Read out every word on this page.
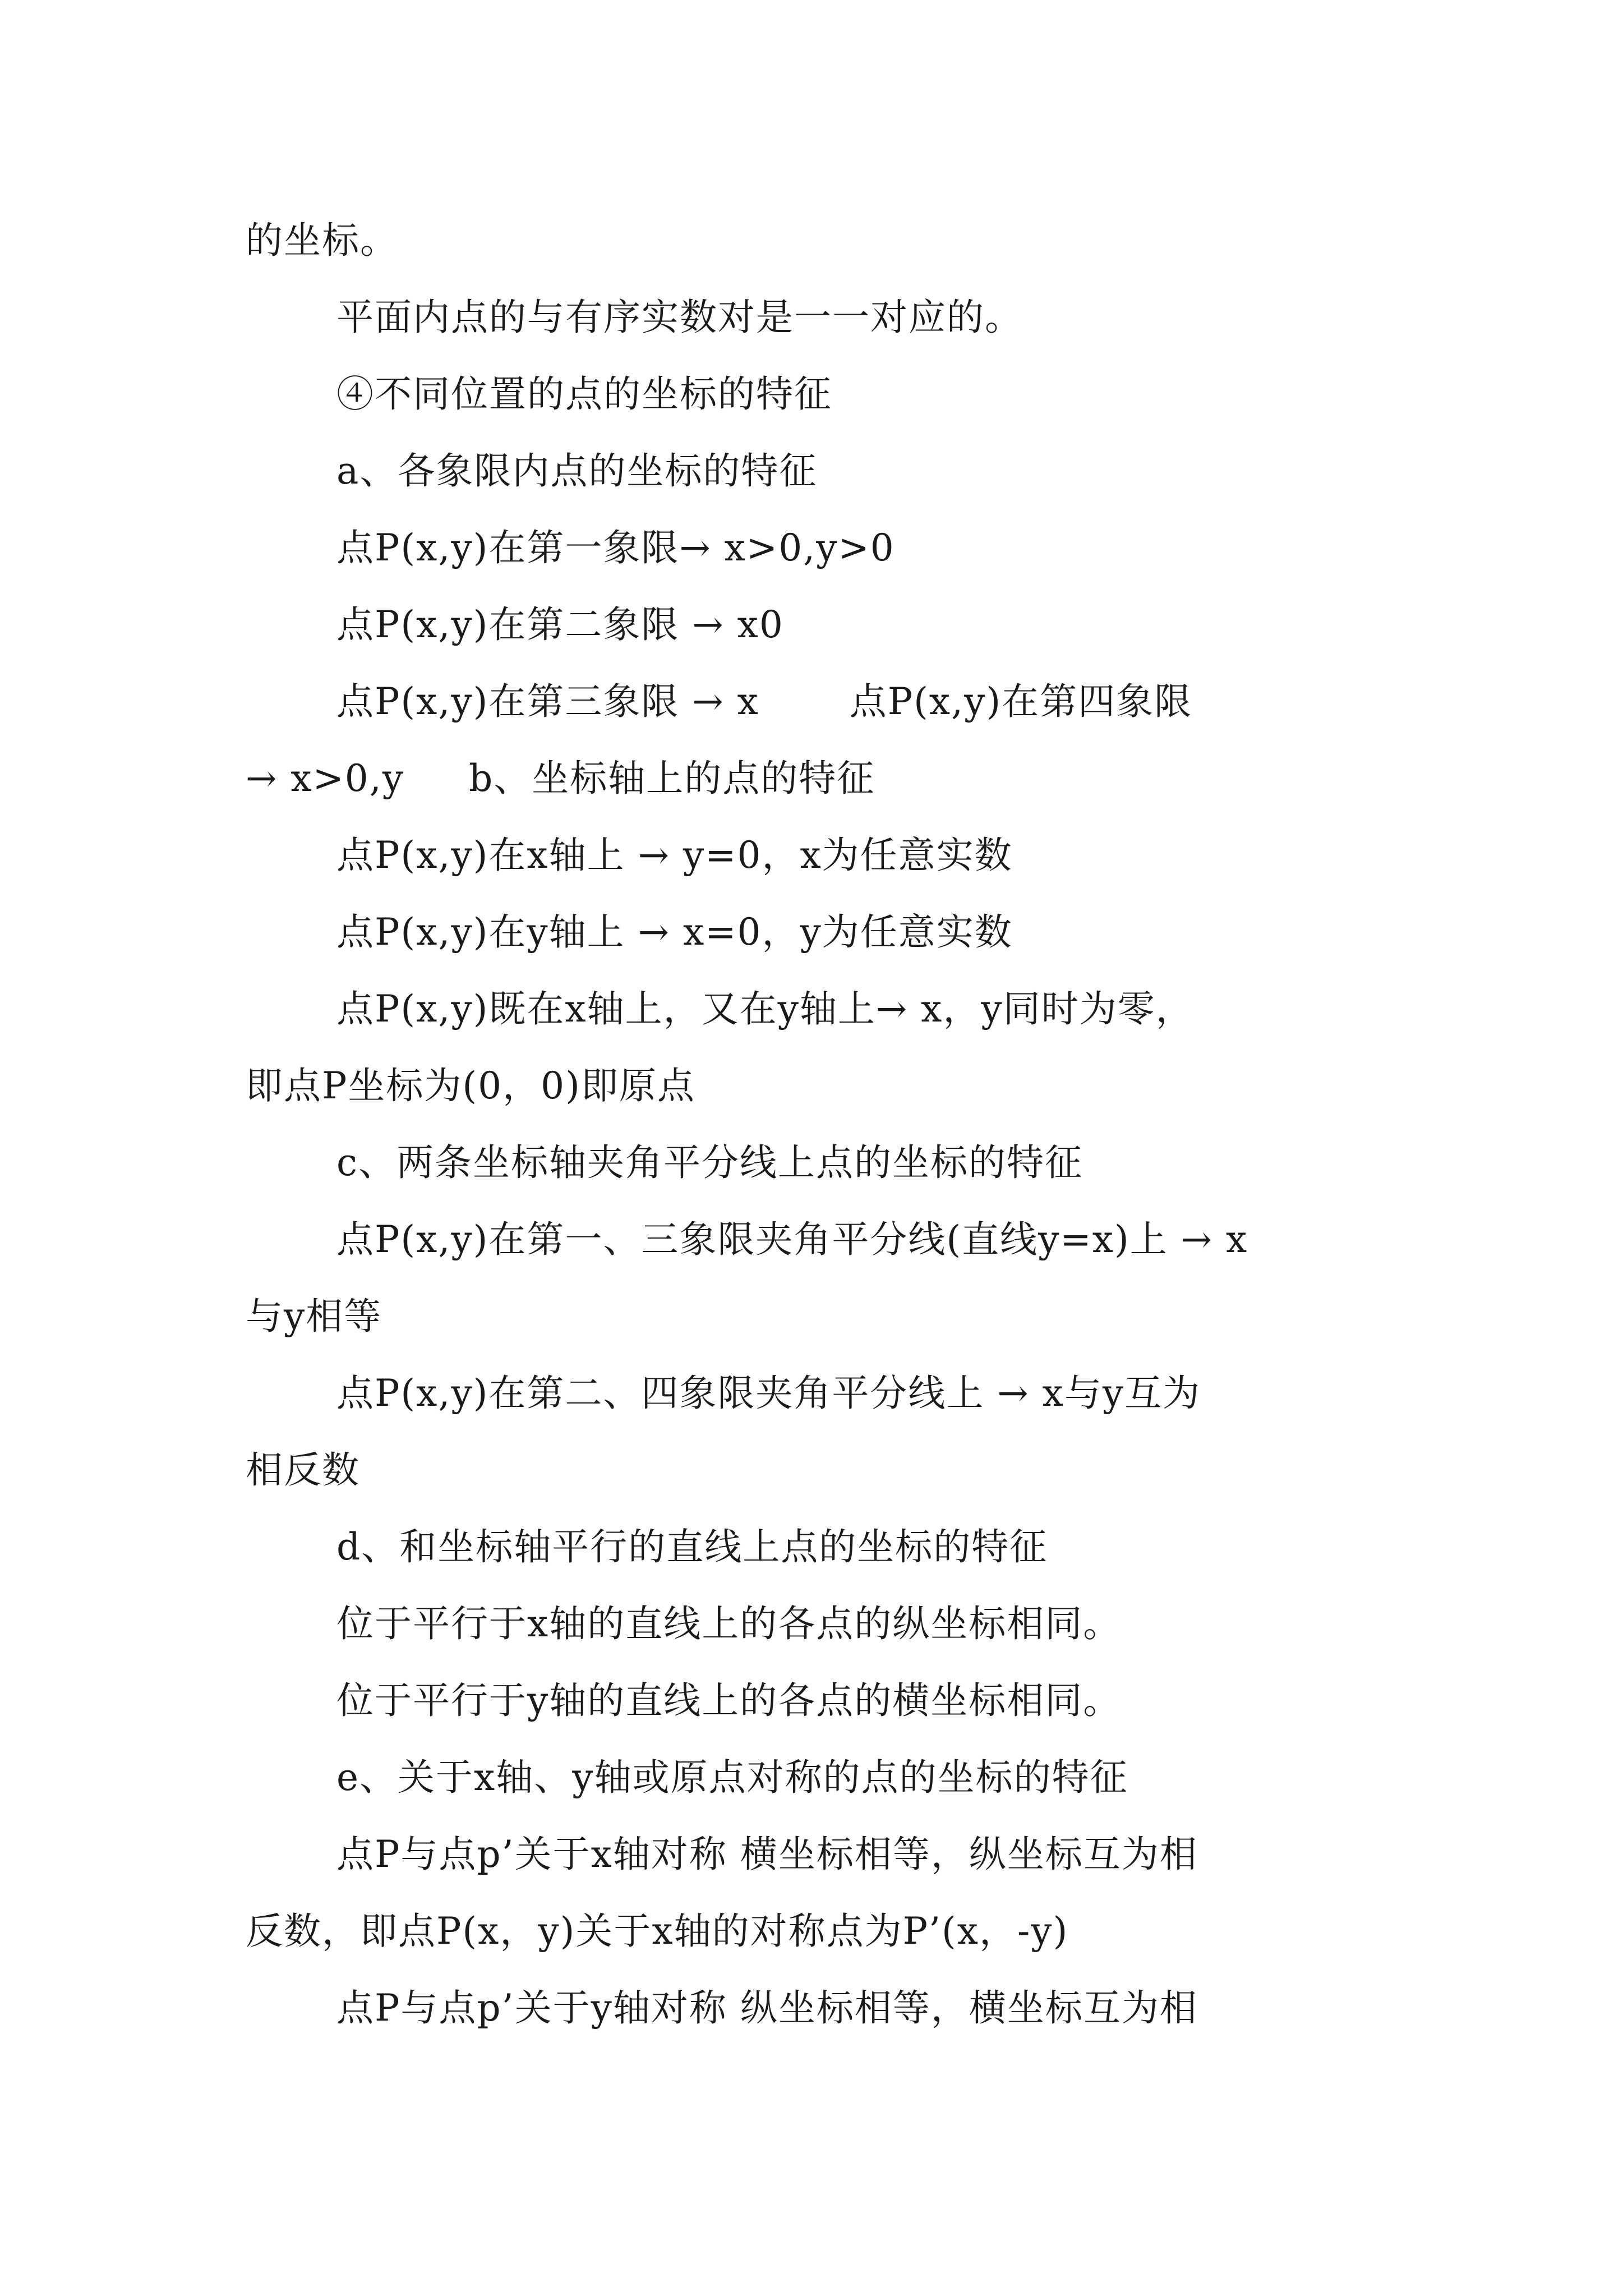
的坐标。
平面内点的与有序实数对是一一对应的。
④不同位置的点的坐标的特征
a、各象限内点的坐标的特征
点P(x,y)在第一象限→ x>0,y>0
点P(x,y)在第二象限 → x0
点P(x,y)在第三象限 → x       点P(x,y)在第四象限
→ x>0,y     b、坐标轴上的点的特征
点P(x,y)在x轴上 → y=0，x为任意实数
点P(x,y)在y轴上 → x=0，y为任意实数
点P(x,y)既在x轴上，又在y轴上→ x，y同时为零，
即点P坐标为(0，0)即原点
c、两条坐标轴夹角平分线上点的坐标的特征
点P(x,y)在第一、三象限夹角平分线(直线y=x)上 → x
与y相等
点P(x,y)在第二、四象限夹角平分线上 → x与y互为
相反数
d、和坐标轴平行的直线上点的坐标的特征
位于平行于x轴的直线上的各点的纵坐标相同。
位于平行于y轴的直线上的各点的横坐标相同。
e、关于x轴、y轴或原点对称的点的坐标的特征
点P与点p’关于x轴对称 横坐标相等，纵坐标互为相
反数，即点P(x，y)关于x轴的对称点为P’(x，-y)
点P与点p’关于y轴对称 纵坐标相等，横坐标互为相
